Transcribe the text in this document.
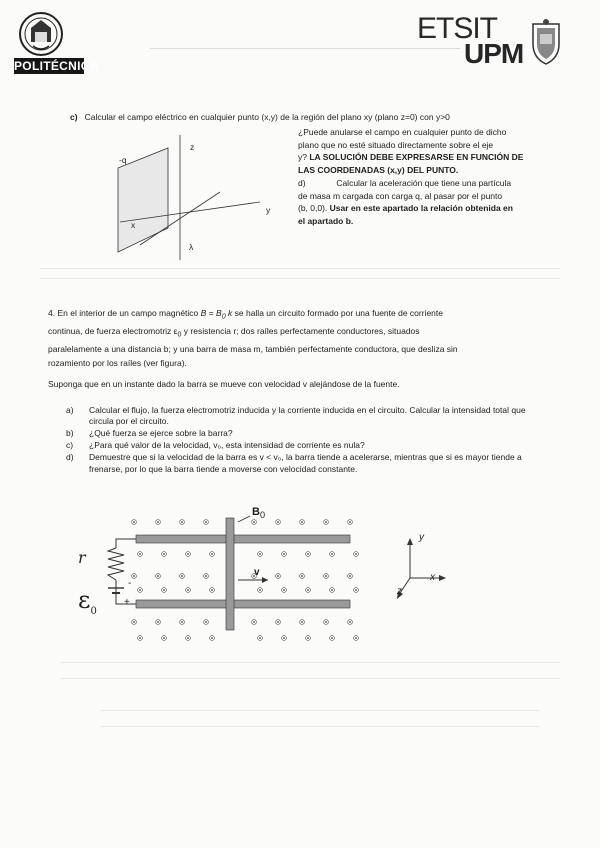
POLITÉCNICA
ETSIT
UPM
c) Calcular el campo eléctrico en cualquier punto (x,y) de la región del plano xy (plano z=0) con y>0
¿Puede anularse el campo en cualquier punto de dicho
plano que no esté situado directamente sobre el eje
y? LA SOLUCIÓN DEBE EXPRESARSE EN FUNCIÓN DE
LAS COORDENADAS (x,y) DEL PUNTO.
d)	Calcular la aceleración que tiene una partícula
de masa m cargada con carga q, al pasar por el punto
(b, 0,0). Usar en este apartado la relación obtenida en
el apartado b.
-q
z
y
x
λ
4. En el interior de un campo magnético $B = B_0$ k se halla un circuito formado por una fuente de corriente
continua, de fuerza electromotriz $\varepsilon_0$ y resistencia r; dos raíles perfectamente conductores, situados
paralelamente a una distancia b; y una barra de masa m, también perfectamente conductora, que desliza sin
rozamiento por los raíles (ver figura).
Suponga que en un instante dado la barra se mueve con velocidad v alejándose de la fuente.
a) Calcular el flujo, la fuerza electromotriz inducida y la corriente inducida en el circuito. Calcular la intensidad total que circula por el circuito.
b) ¿Qué fuerza se ejerce sobre la barra?
c) ¿Para qué valor de la velocidad, v₀, esta intensidad de corriente es nula?
d) Demuestre que si la velocidad de la barra es v < v₀, la barra tiende a acelerarse, mientras que si es mayor tiende a frenarse, por lo que la barra tiende a moverse con velocidad constante.
$B_0$
r
$\varepsilon_0$
-
+
v
y
x
z
